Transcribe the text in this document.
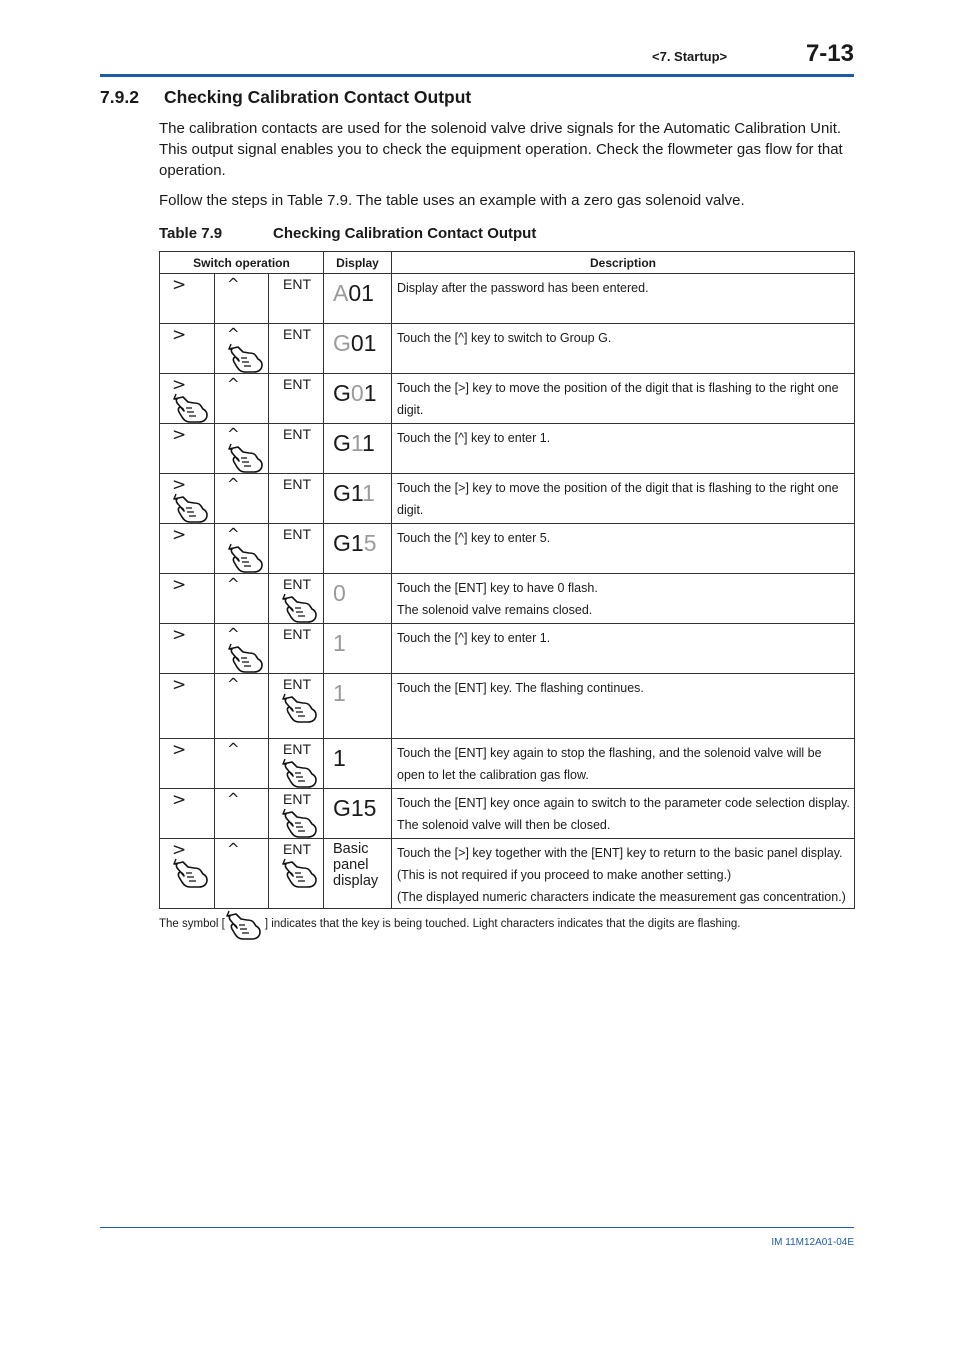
<7. Startup>	7-13
7.9.2 Checking Calibration Contact Output
The calibration contacts are used for the solenoid valve drive signals for the Automatic Calibration Unit. This output signal enables you to check the equipment operation. Check the flowmeter gas flow for that operation.
Follow the steps in Table 7.9. The table uses an example with a zero gas solenoid valve.
Table 7.9	Checking Calibration Contact Output
Switch operation			Display	Description

>	^	ENT	A01	Display after the password has been entered.

>	^	ENT	G01	Touch the [^] key to switch to Group G.

>	^	ENT	G01	Touch the [>] key to move the position of the digit that is flashing to the right one digit.

>	^	ENT	G11	Touch the [^] key to enter 1.

>	^	ENT	G11	Touch the [>] key to move the position of the digit that is flashing to the right one digit.

>	^	ENT	G15	Touch the [^] key to enter 5.

>	^	ENT	0	Touch the [ENT] key to have 0 flash.
The solenoid valve remains closed.

>	^	ENT	1	Touch the [^] key to enter 1.

>	^	ENT	1	Touch the [ENT] key. The flashing continues.

>	^	ENT	1	Touch the [ENT] key again to stop the flashing, and the solenoid valve will be open to let the calibration gas flow.

>	^	ENT	G15	Touch the [ENT] key once again to switch to the parameter code selection display.
The solenoid valve will then be closed.

>	^	ENT	Basic panel display	Touch the [>] key together with the [ENT] key to return to the basic panel display.
(This is not required if you proceed to make another setting.)
(The displayed numeric characters indicate the measurement gas concentration.)
The symbol [	] indicates that the key is being touched. Light characters indicates that the digits are flashing.
IM 11M12A01-04E
